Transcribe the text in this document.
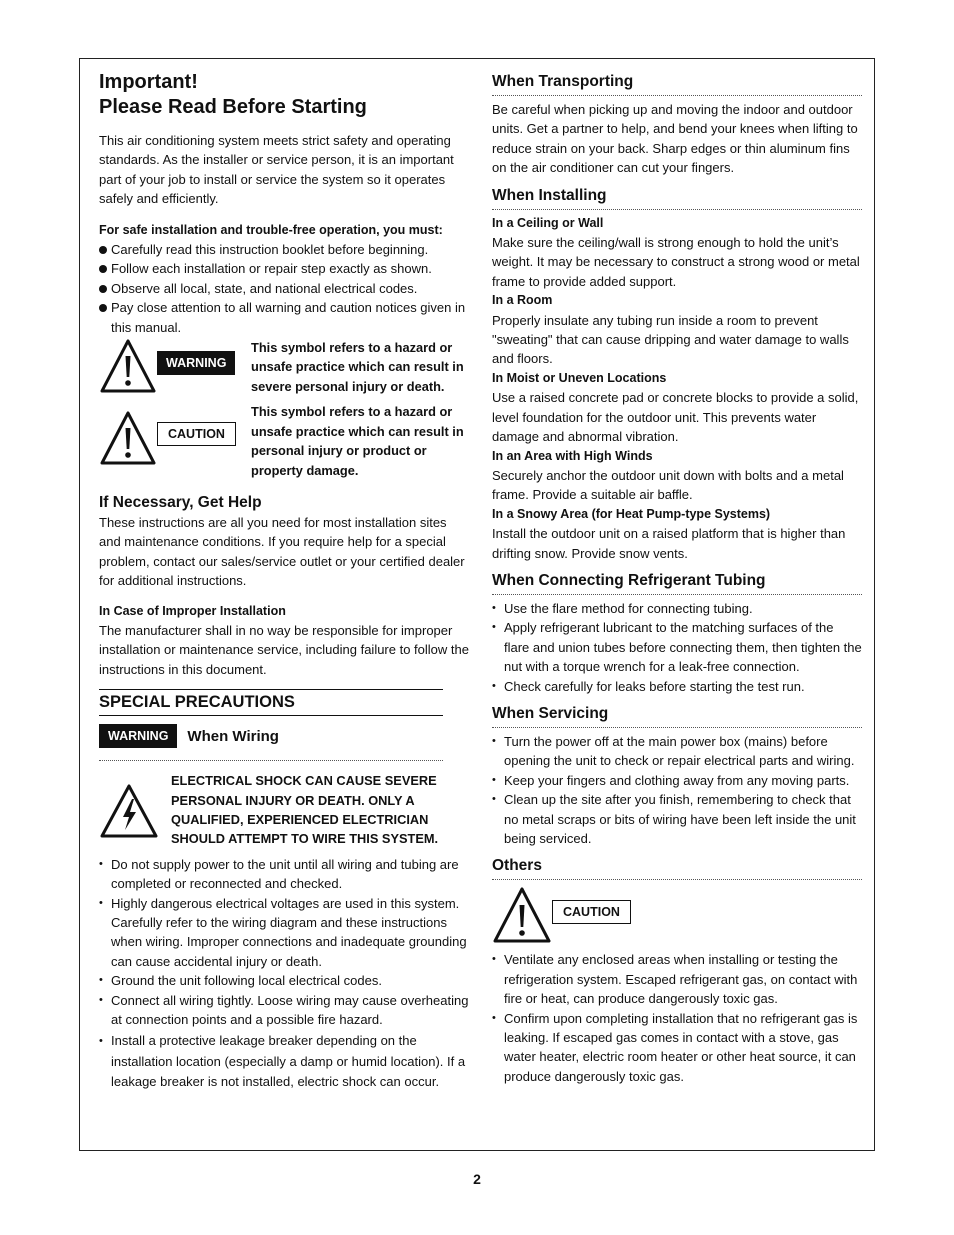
Important!
Please Read Before Starting

This air conditioning system meets strict safety and operating standards. As the installer or service person, it is an important part of your job to install or service the system so it operates safely and efficiently.

For safe installation and trouble-free operation, you must:
Carefully read this instruction booklet before beginning.
Follow each installation or repair step exactly as shown.
Observe all local, state, and national electrical codes.
Pay close attention to all warning and caution notices given in this manual.
WARNING
This symbol refers to a hazard or unsafe practice which can result in severe personal injury or death.
CAUTION
This symbol refers to a hazard or unsafe practice which can result in personal injury or product or property damage.
If Necessary, Get Help

These instructions are all you need for most installation sites and maintenance conditions. If you require help for a special problem, contact our sales/service outlet or your certified dealer for additional instructions.

In Case of Improper Installation

The manufacturer shall in no way be responsible for improper installation or maintenance service, including failure to follow the instructions in this document.

SPECIAL PRECAUTIONS
WARNING	When Wiring
ELECTRICAL SHOCK CAN CAUSE SEVERE PERSONAL INJURY OR DEATH. ONLY A QUALIFIED, EXPERIENCED ELECTRICIAN SHOULD ATTEMPT TO WIRE THIS SYSTEM.
• Do not supply power to the unit until all wiring and tubing are completed or reconnected and checked.
• Highly dangerous electrical voltages are used in this system. Carefully refer to the wiring diagram and these instructions when wiring. Improper connections and inadequate grounding can cause accidental injury or death.
• Ground the unit following local electrical codes.
• Connect all wiring tightly. Loose wiring may cause overheating at connection points and a possible fire hazard.
• Install a protective leakage breaker depending on the installation location (especially a damp or humid location). If a leakage breaker is not installed, electric shock can occur.
When Transporting

Be careful when picking up and moving the indoor and outdoor units. Get a partner to help, and bend your knees when lifting to reduce strain on your back. Sharp edges or thin aluminum fins on the air conditioner can cut your fingers.

When Installing
In a Ceiling or Wall

Make sure the ceiling/wall is strong enough to hold the unit’s weight. It may be necessary to construct a strong wood or metal frame to provide added support.

In a Room

Properly insulate any tubing run inside a room to prevent "sweating" that can cause dripping and water damage to walls and floors.

In Moist or Uneven Locations

Use a raised concrete pad or concrete blocks to provide a solid, level foundation for the outdoor unit. This prevents water damage and abnormal vibration.

In an Area with High Winds

Securely anchor the outdoor unit down with bolts and a metal frame. Provide a suitable air baffle.

In a Snowy Area (for Heat Pump-type Systems)

Install the outdoor unit on a raised platform that is higher than drifting snow. Provide snow vents.

When Connecting Refrigerant Tubing
• Use the flare method for connecting tubing.
• Apply refrigerant lubricant to the matching surfaces of the flare and union tubes before connecting them, then tighten the nut with a torque wrench for a leak-free connection.
• Check carefully for leaks before starting the test run.
When Servicing
• Turn the power off at the main power box (mains) before opening the unit to check or repair electrical parts and wiring.
• Keep your fingers and clothing away from any moving parts.
• Clean up the site after you finish, remembering to check that no metal scraps or bits of wiring have been left inside the unit being serviced.
Others
CAUTION
• Ventilate any enclosed areas when installing or testing the refrigeration system. Escaped refrigerant gas, on contact with fire or heat, can produce dangerously toxic gas.
• Confirm upon completing installation that no refrigerant gas is leaking. If escaped gas comes in contact with a stove, gas water heater, electric room heater or other heat source, it can produce dangerously toxic gas.
2
